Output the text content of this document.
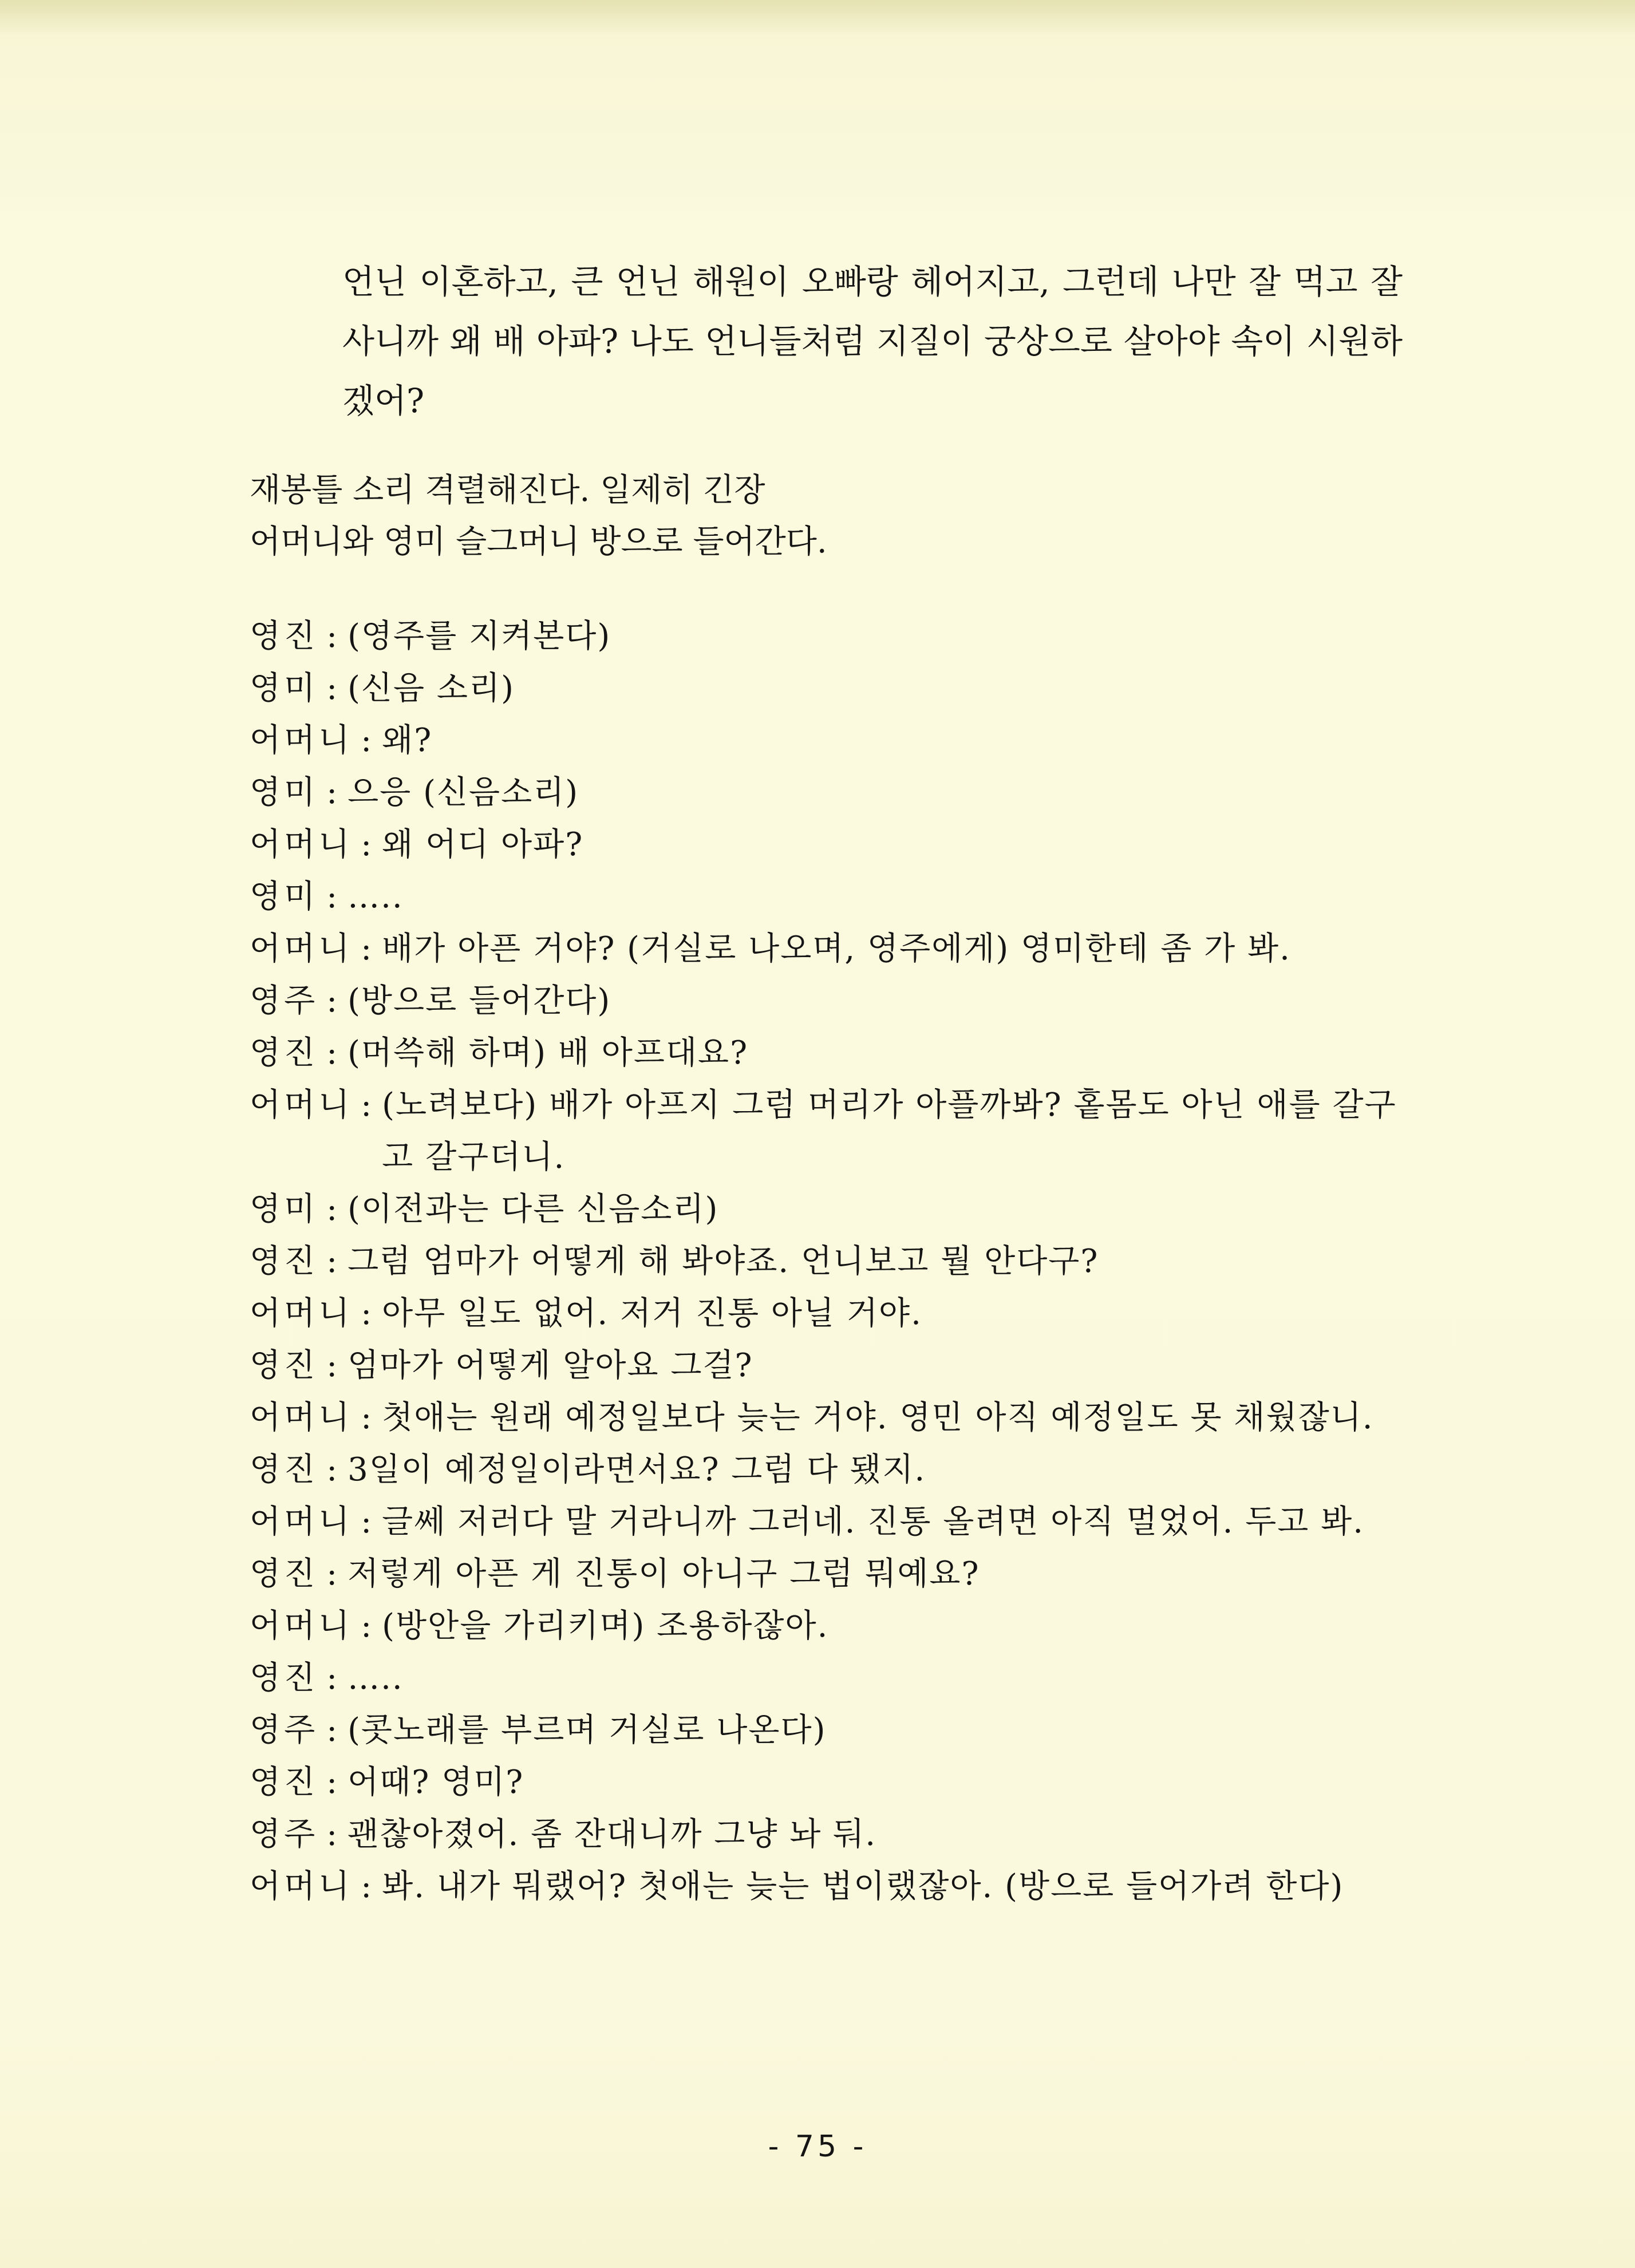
언닌 이혼하고, 큰 언닌 해원이 오빠랑 헤어지고, 그런데 나만 잘 먹고 잘 사니까 왜 배 아파? 나도 언니들처럼 지질이 궁상으로 살아야 속이 시원하겠어?
재봉틀 소리 격렬해진다. 일제히 긴장
어머니와 영미 슬그머니 방으로 들어간다.
영진 : (영주를 지켜본다)
영미 : (신음 소리)
어머니 : 왜?
영미 : 으응 (신음소리)
어머니 : 왜 어디 아파?
영미 : …..
어머니 : 배가 아픈 거야? (거실로 나오며, 영주에게) 영미한테 좀 가 봐.
영주 : (방으로 들어간다)
영진 : (머쓱해 하며) 배 아프대요?
어머니 : (노려보다) 배가 아프지 그럼 머리가 아플까봐? 홑몸도 아닌 애를 갈구고 갈구더니.
영미 : (이전과는 다른 신음소리)
영진 : 그럼 엄마가 어떻게 해 봐야죠. 언니보고 뭘 안다구?
어머니 : 아무 일도 없어. 저거 진통 아닐 거야.
영진 : 엄마가 어떻게 알아요 그걸?
어머니 : 첫애는 원래 예정일보다 늦는 거야. 영민 아직 예정일도 못 채웠잖니.
영진 : 3일이 예정일이라면서요? 그럼 다 됐지.
어머니 : 글쎄 저러다 말 거라니까 그러네. 진통 올려면 아직 멀었어. 두고 봐.
영진 : 저렇게 아픈 게 진통이 아니구 그럼 뭐예요?
어머니 : (방안을 가리키며) 조용하잖아.
영진 : …..
영주 : (콧노래를 부르며 거실로 나온다)
영진 : 어때? 영미?
영주 : 괜찮아졌어. 좀 잔대니까 그냥 놔 둬.
어머니 : 봐. 내가 뭐랬어? 첫애는 늦는 법이랬잖아. (방으로 들어가려 한다)
- 75 -
